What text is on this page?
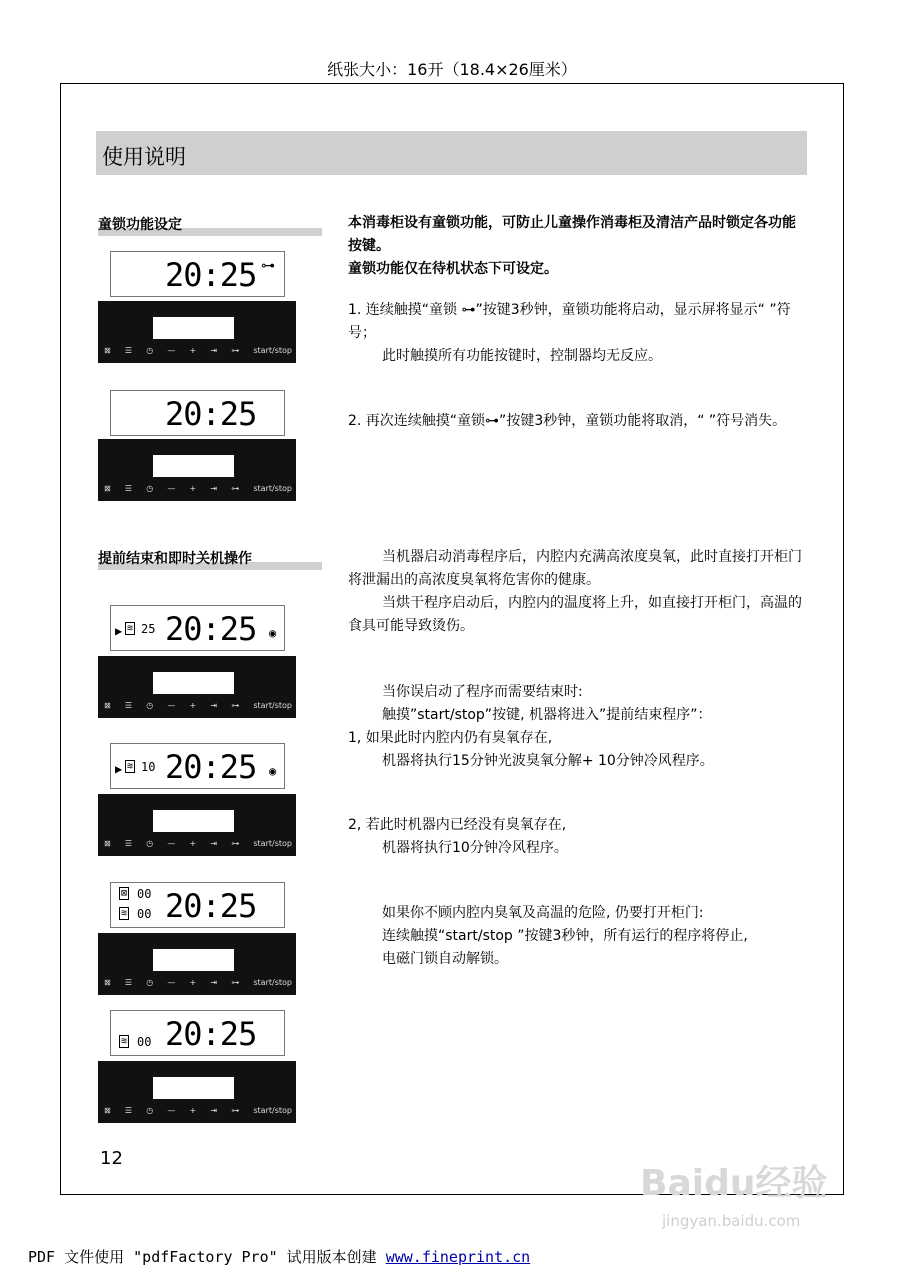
纸张大小：16开（18.4×26厘米）
使用说明
童锁功能设定	本消毒柜设有童锁功能，可防止儿童操作消毒柜及清洁产品时锁定各功能按键。

童锁功能仅在待机状态下可设定。

1. 连续触摸“童锁 ⊶”按键3秒钟，童锁功能将启动，显示屏将显示“ ”符号；

此时触摸所有功能按键时，控制器均无反应。

2. 再次连续触摸“童锁⊶”按键3秒钟，童锁功能将取消，“ ”符号消失。

20:25 ⊶
⊠ ☰ ◷ — + ⇥ ⊶ start/stop
20:25
⊠ ☰ ◷ — + ⇥ ⊶ start/stop
提前结束和即时关机操作	当机器启动消毒程序后，内腔内充满高浓度臭氧，此时直接打开柜门将泄漏出的高浓度臭氧将危害你的健康。

当烘干程序启动后，内腔内的温度将上升，如直接打开柜门，高温的食具可能导致烫伤。

当你误启动了程序而需要结束时:

触摸”start/stop”按键, 机器将进入”提前结束程序”：

1, 如果此时内腔内仍有臭氧存在,

机器将执行15分钟光波臭氧分解+ 10分钟冷风程序。

2, 若此时机器内已经没有臭氧存在,

机器将执行10分钟冷风程序。

如果你不顾内腔内臭氧及高温的危险, 仍要打开柜门:

连续触摸“start/stop ”按键3秒钟，所有运行的程序将停止,

电磁门锁自动解锁。

▶ ≋ 25 20:25 ◉
⊠ ☰ ◷ — + ⇥ ⊶ start/stop
▶ ≋ 10 20:25 ◉
⊠ ☰ ◷ — + ⇥ ⊶ start/stop
⊠ 00
≋ 00 20:25
⊠ ☰ ◷ — + ⇥ ⊶ start/stop
≋ 00 20:25
⊠ ☰ ◷ — + ⇥ ⊶ start/stop
12
Baidu经验
jingyan.baidu.com
PDF 文件使用 "pdfFactory Pro" 试用版本创建 www.fineprint.cn
